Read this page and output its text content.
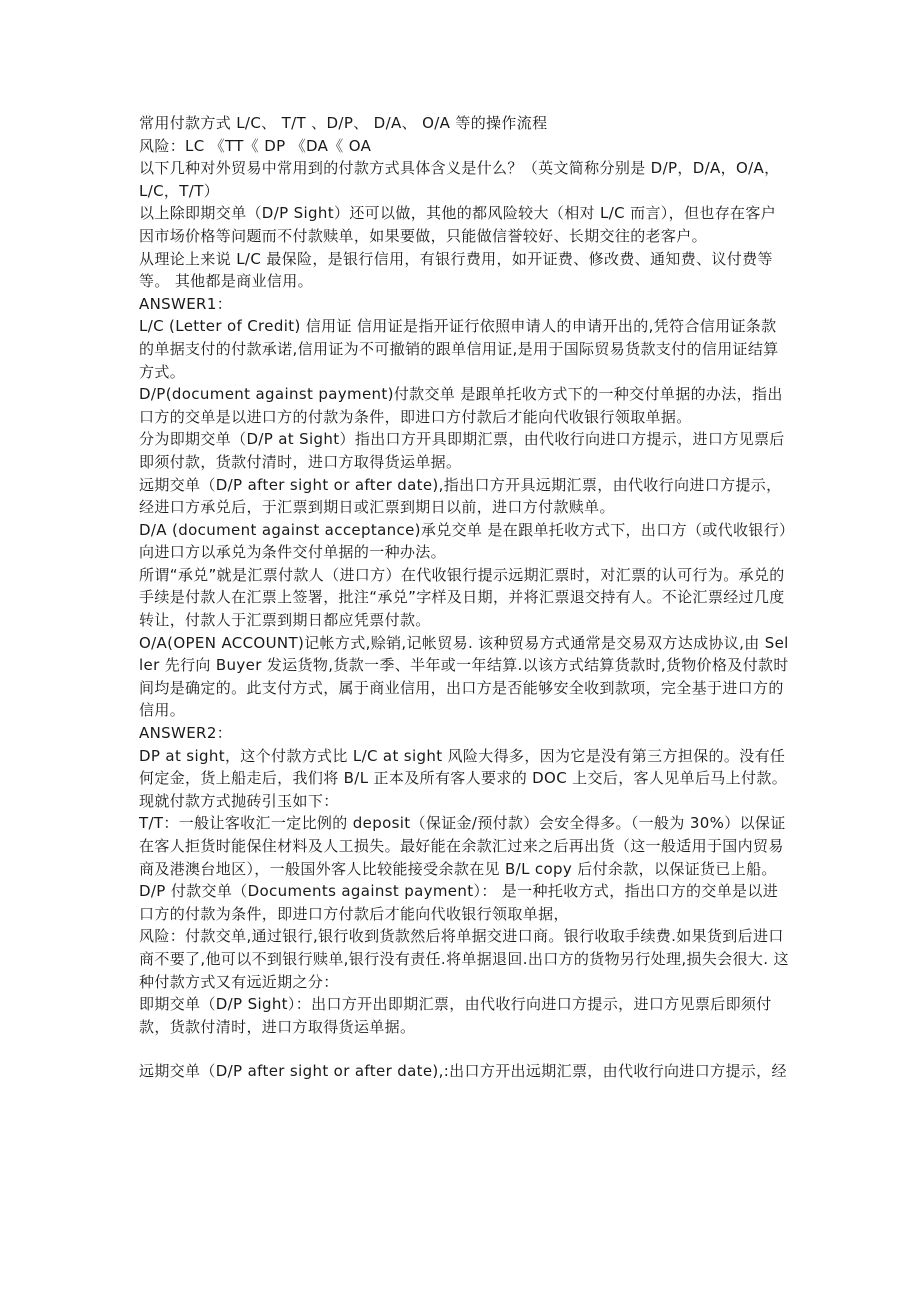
常用付款方式 L/C、 T/T 、D/P、 D/A、 O/A 等的操作流程

风险：LC 《TT《 DP 《DA《 OA

以下几种对外贸易中常用到的付款方式具体含义是什么？（英文简称分别是 D/P，D/A，O/A，L/C，T/T）

以上除即期交单（D/P Sight）还可以做，其他的都风险较大（相对 L/C 而言），但也存在客户因市场价格等问题而不付款赎单，如果要做，只能做信誉较好、长期交往的老客户。

从理论上来说 L/C 最保险，是银行信用，有银行费用，如开证费、修改费、通知费、议付费等等。 其他都是商业信用。

ANSWER1：

L/C (Letter of Credit) 信用证 信用证是指开证行依照申请人的申请开出的,凭符合信用证条款的单据支付的付款承诺,信用证为不可撤销的跟单信用证,是用于国际贸易货款支付的信用证结算方式。

D/P(document against payment)付款交单 是跟单托收方式下的一种交付单据的办法，指出口方的交单是以进口方的付款为条件，即进口方付款后才能向代收银行领取单据。

分为即期交单（D/P at Sight）指出口方开具即期汇票，由代收行向进口方提示，进口方见票后即须付款，货款付清时，进口方取得货运单据。

远期交单（D/P after sight or after date),指出口方开具远期汇票，由代收行向进口方提示，经进口方承兑后，于汇票到期日或汇票到期日以前，进口方付款赎单。

D/A (document against acceptance)承兑交单 是在跟单托收方式下，出口方（或代收银行）向进口方以承兑为条件交付单据的一种办法。

所谓“承兑”就是汇票付款人（进口方）在代收银行提示远期汇票时，对汇票的认可行为。承兑的手续是付款人在汇票上签署，批注“承兑”字样及日期，并将汇票退交持有人。不论汇票经过几度转让，付款人于汇票到期日都应凭票付款。

O/A(OPEN ACCOUNT)记帐方式,赊销,记帐贸易. 该种贸易方式通常是交易双方达成协议,由 Seller 先行向 Buyer 发运货物,货款一季、半年或一年结算.以该方式结算货款时,货物价格及付款时间均是确定的。此支付方式，属于商业信用，出口方是否能够安全收到款项，完全基于进口方的信用。

ANSWER2：

DP at sight，这个付款方式比 L/C at sight 风险大得多，因为它是没有第三方担保的。没有任何定金，货上船走后，我们将 B/L 正本及所有客人要求的 DOC 上交后，客人见单后马上付款。 现就付款方式抛砖引玉如下：

T/T：一般让客收汇一定比例的 deposit（保证金/预付款）会安全得多。（一般为 30%）以保证在客人拒货时能保住材料及人工损失。最好能在余款汇过来之后再出货（这一般适用于国内贸易商及港澳台地区），一般国外客人比较能接受余款在见 B/L copy 后付余款，以保证货已上船。

D/P 付款交单（Documents against payment）： 是一种托收方式，指出口方的交单是以进口方的付款为条件，即进口方付款后才能向代收银行领取单据，

风险：付款交单,通过银行,银行收到货款然后将单据交进口商。银行收取手续费.如果货到后进口商不要了,他可以不到银行赎单,银行没有责任.将单据退回.出口方的货物另行处理,损失会很大. 这种付款方式又有远近期之分：

即期交单（D/P Sight）：出口方开出即期汇票，由代收行向进口方提示，进口方见票后即须付款，货款付清时，进口方取得货运单据。

远期交单（D/P after sight or after date),:出口方开出远期汇票，由代收行向进口方提示，经
